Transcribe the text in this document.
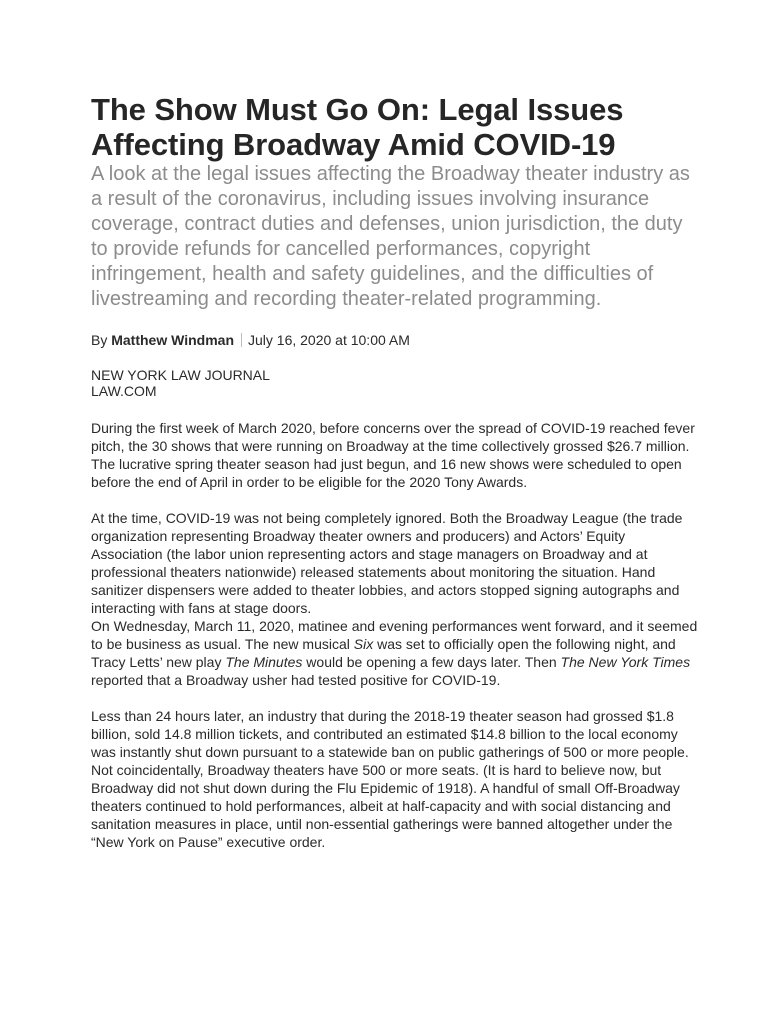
The Show Must Go On: Legal Issues Affecting Broadway Amid COVID-19

A look at the legal issues affecting the Broadway theater industry as a result of the coronavirus, including issues involving insurance coverage, contract duties and defenses, union jurisdiction, the duty to provide refunds for cancelled performances, copyright infringement, health and safety guidelines, and the difficulties of livestreaming and recording theater-related programming.

By Matthew Windman July 16, 2020 at 10:00 AM
NEW YORK LAW JOURNAL
LAW.COM

During the first week of March 2020, before concerns over the spread of COVID-19 reached fever pitch, the 30 shows that were running on Broadway at the time collectively grossed $26.7 million. The lucrative spring theater season had just begun, and 16 new shows were scheduled to open before the end of April in order to be eligible for the 2020 Tony Awards.

At the time, COVID-19 was not being completely ignored. Both the Broadway League (the trade organization representing Broadway theater owners and producers) and Actors’ Equity Association (the labor union representing actors and stage managers on Broadway and at professional theaters nationwide) released statements about monitoring the situation. Hand sanitizer dispensers were added to theater lobbies, and actors stopped signing autographs and interacting with fans at stage doors.

On Wednesday, March 11, 2020, matinee and evening performances went forward, and it seemed to be business as usual. The new musical Six was set to officially open the following night, and Tracy Letts’ new play The Minutes would be opening a few days later. Then The New York Times reported that a Broadway usher had tested positive for COVID-19.

Less than 24 hours later, an industry that during the 2018-19 theater season had grossed $1.8 billion, sold 14.8 million tickets, and contributed an estimated $14.8 billion to the local economy was instantly shut down pursuant to a statewide ban on public gatherings of 500 or more people. Not coincidentally, Broadway theaters have 500 or more seats. (It is hard to believe now, but Broadway did not shut down during the Flu Epidemic of 1918). A handful of small Off-Broadway theaters continued to hold performances, albeit at half-capacity and with social distancing and sanitation measures in place, until non-essential gatherings were banned altogether under the “New York on Pause” executive order.
